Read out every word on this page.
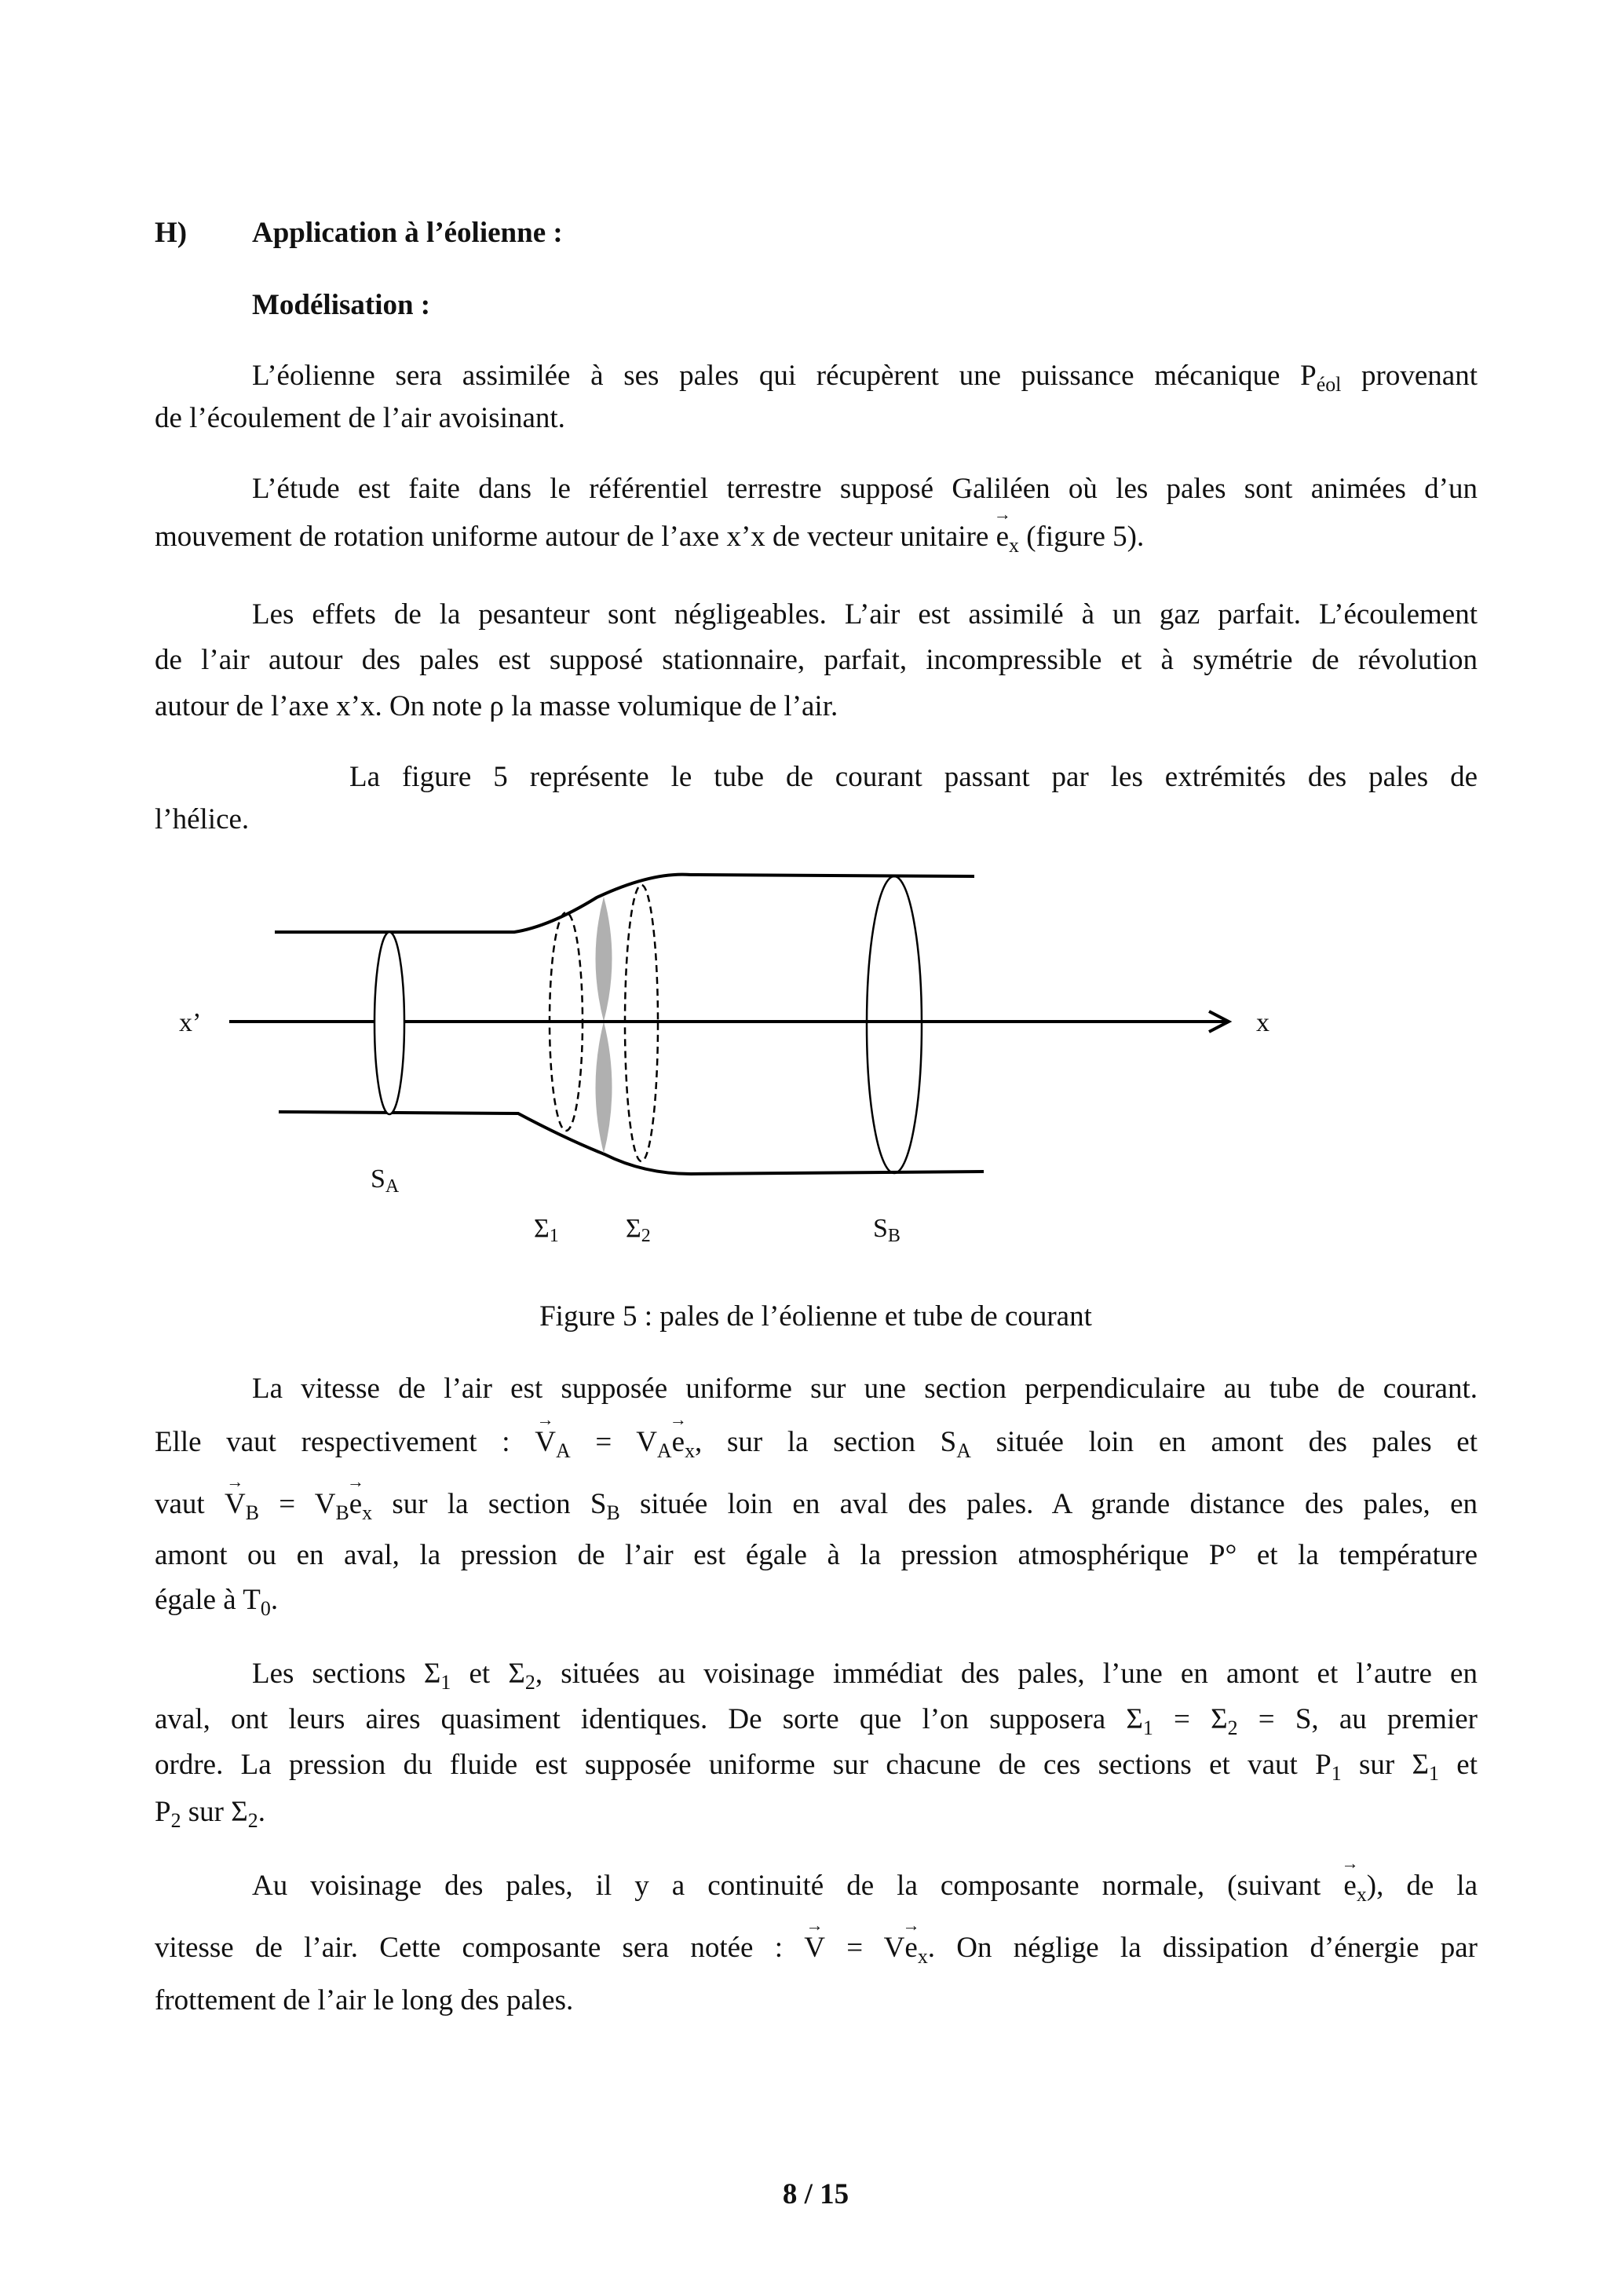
H) Application à l’éolienne :
Modélisation :
L’éolienne sera assimilée à ses pales qui récupèrent une puissance mécanique $P_{éol}$ provenant
de l’écoulement de l’air avoisinant.
L’étude est faite dans le référentiel terrestre supposé Galiléen où les pales sont animées d’un
mouvement de rotation uniforme autour de l’axe x’x de vecteur unitaire → $e_x$ (figure 5).
Les effets de la pesanteur sont négligeables. L’air est assimilé à un gaz parfait. L’écoulement
de l’air autour des pales est supposé stationnaire, parfait, incompressible et à symétrie de révolution
autour de l’axe x’x. On note ρ la masse volumique de l’air.
La figure 5 représente le tube de courant passant par les extrémités des pales de
l’hélice.
La vitesse de l’air est supposée uniforme sur une section perpendiculaire au tube de courant.
Elle vaut respectivement : → $V_A = V_A\to e_x$, sur la section $S_A$ située loin en amont des pales et
vaut → $V_B = V_B\to e_x$ sur la section $S_B$ située loin en aval des pales. A grande distance des pales, en
amont ou en aval, la pression de l’air est égale à la pression atmosphérique P° et la température
égale à $T_0$.
Les sections $\Sigma_1$ et $\Sigma_2$, situées au voisinage immédiat des pales, l’une en amont et l’autre en
aval, ont leurs aires quasiment identiques. De sorte que l’on supposera $\Sigma_1 = \Sigma_2 = S$, au premier
ordre. La pression du fluide est supposée uniforme sur chacune de ces sections et vaut $P_1$ sur $\Sigma_1$ et
$P_2$ sur $\Sigma_2$.
Au voisinage des pales, il y a continuité de la composante normale, (suivant → $e_x$), de la
vitesse de l’air. Cette composante sera notée : → $V = V\to e_x$. On néglige la dissipation d’énergie par
frottement de l’air le long des pales.
x’	x
SA
Σ1	Σ2	SB
Figure 5 : pales de l’éolienne et tube de courant
8 / 15
